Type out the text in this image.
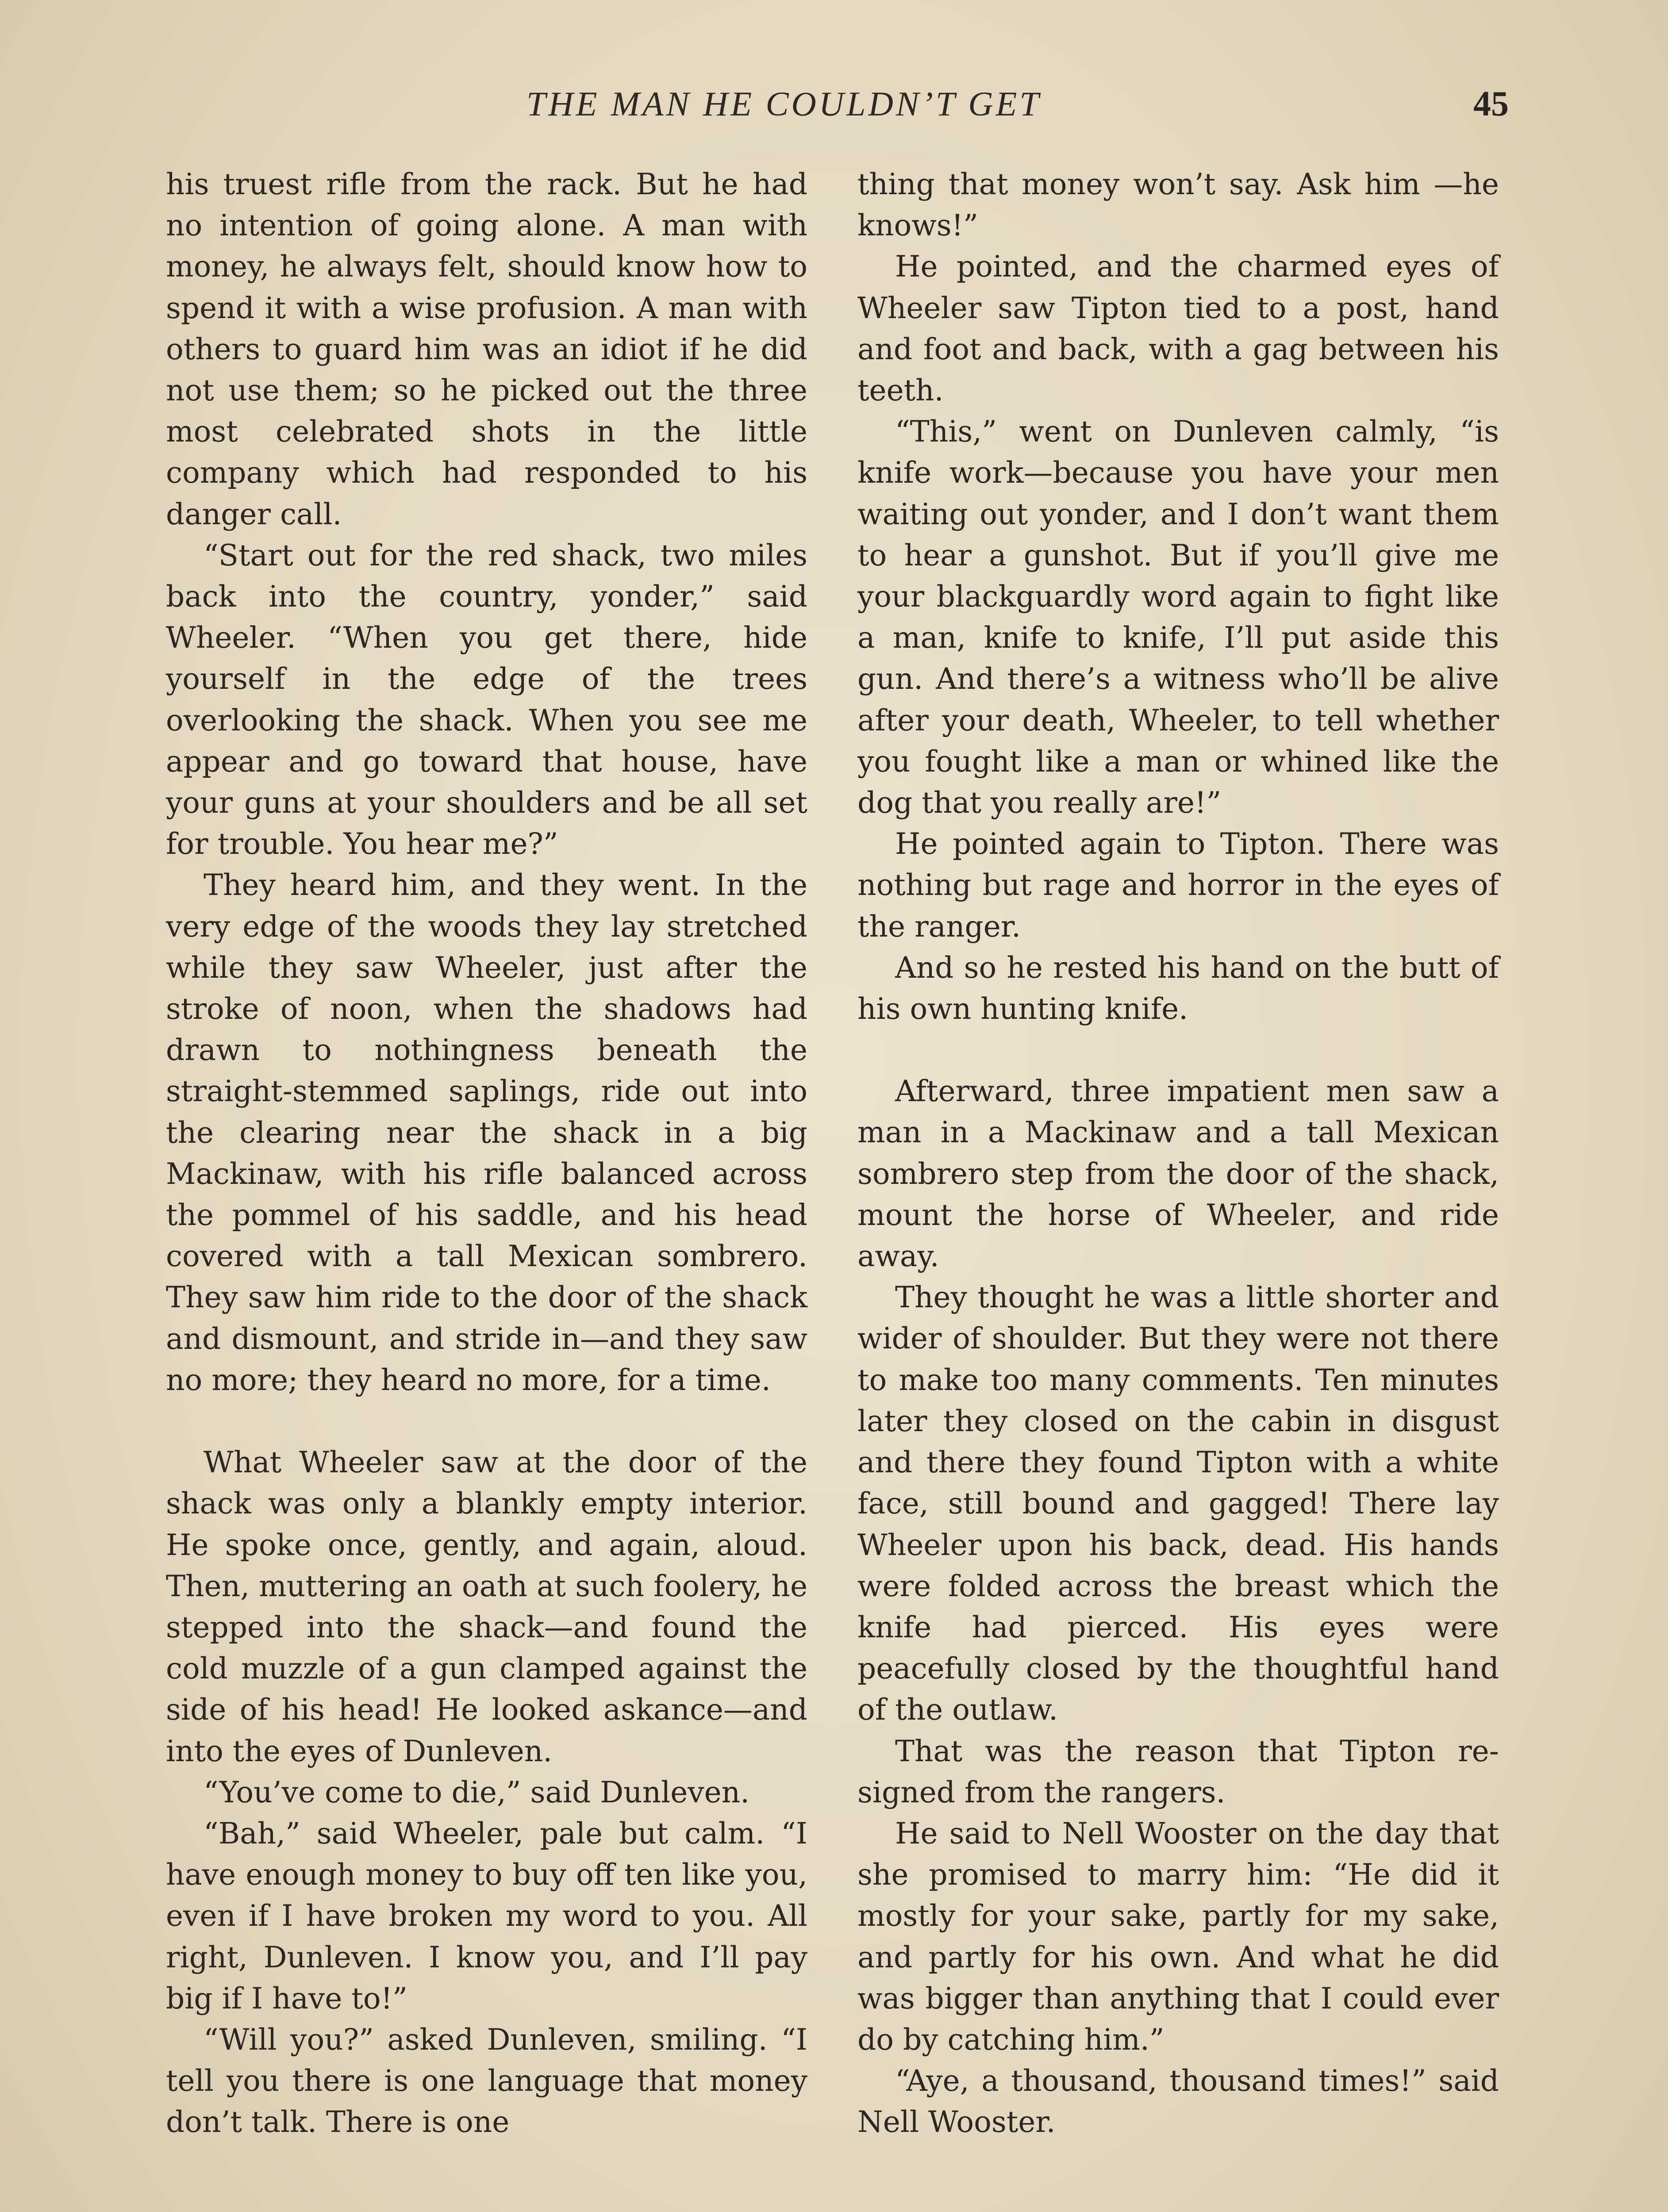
THE MAN HE COULDN’T GET	45

his truest rifle from the rack. But he had no intention of going alone. A man with money, he always felt, should know how to spend it with a wise profusion. A man with others to guard him was an idiot if he did not use them; so he picked out the three most celebrated shots in the little company which had responded to his danger call.

“Start out for the red shack, two miles back into the country, yonder,” said Wheeler. “When you get there, hide yourself in the edge of the trees overlooking the shack. When you see me appear and go toward that house, have your guns at your shoulders and be all set for trouble. You hear me?”

They heard him, and they went. In the very edge of the woods they lay stretched while they saw Wheeler, just after the stroke of noon, when the shadows had drawn to nothingness beneath the straight-stemmed saplings, ride out into the clearing near the shack in a big Mackinaw, with his rifle balanced across the pommel of his saddle, and his head covered with a tall Mexican sombrero. They saw him ride to the door of the shack and dismount, and stride in—and they saw no more; they heard no more, for a time.

What Wheeler saw at the door of the shack was only a blankly empty interior. He spoke once, gently, and again, aloud. Then, muttering an oath at such foolery, he stepped into the shack—and found the cold muzzle of a gun clamped against the side of his head! He looked askance—and into the eyes of Dunleven.

“You’ve come to die,” said Dunleven.

“Bah,” said Wheeler, pale but calm. “I have enough money to buy off ten like you, even if I have broken my word to you. All right, Dunleven. I know you, and I’ll pay big if I have to!”

“Will you?” asked Dunleven, smiling. “I tell you there is one language that money don’t talk. There is one

thing that money won’t say. Ask him —he knows!”

He pointed, and the charmed eyes of Wheeler saw Tipton tied to a post, hand and foot and back, with a gag between his teeth.

“This,” went on Dunleven calmly, “is knife work—because you have your men waiting out yonder, and I don’t want them to hear a gunshot. But if you’ll give me your blackguardly word again to fight like a man, knife to knife, I’ll put aside this gun. And there’s a witness who’ll be alive after your death, Wheeler, to tell whether you fought like a man or whined like the dog that you really are!”

He pointed again to Tipton. There was nothing but rage and horror in the eyes of the ranger.

And so he rested his hand on the butt of his own hunting knife.

Afterward, three impatient men saw a man in a Mackinaw and a tall Mexican sombrero step from the door of the shack, mount the horse of Wheeler, and ride away.

They thought he was a little shorter and wider of shoulder. But they were not there to make too many comments. Ten minutes later they closed on the cabin in disgust and there they found Tipton with a white face, still bound and gagged! There lay Wheeler upon his back, dead. His hands were folded across the breast which the knife had pierced. His eyes were peacefully closed by the thoughtful hand of the outlaw.

That was the reason that Tipton resigned from the rangers.

He said to Nell Wooster on the day that she promised to marry him: “He did it mostly for your sake, partly for my sake, and partly for his own. And what he did was bigger than anything that I could ever do by catching him.”

“Aye, a thousand, thousand times!” said Nell Wooster.
